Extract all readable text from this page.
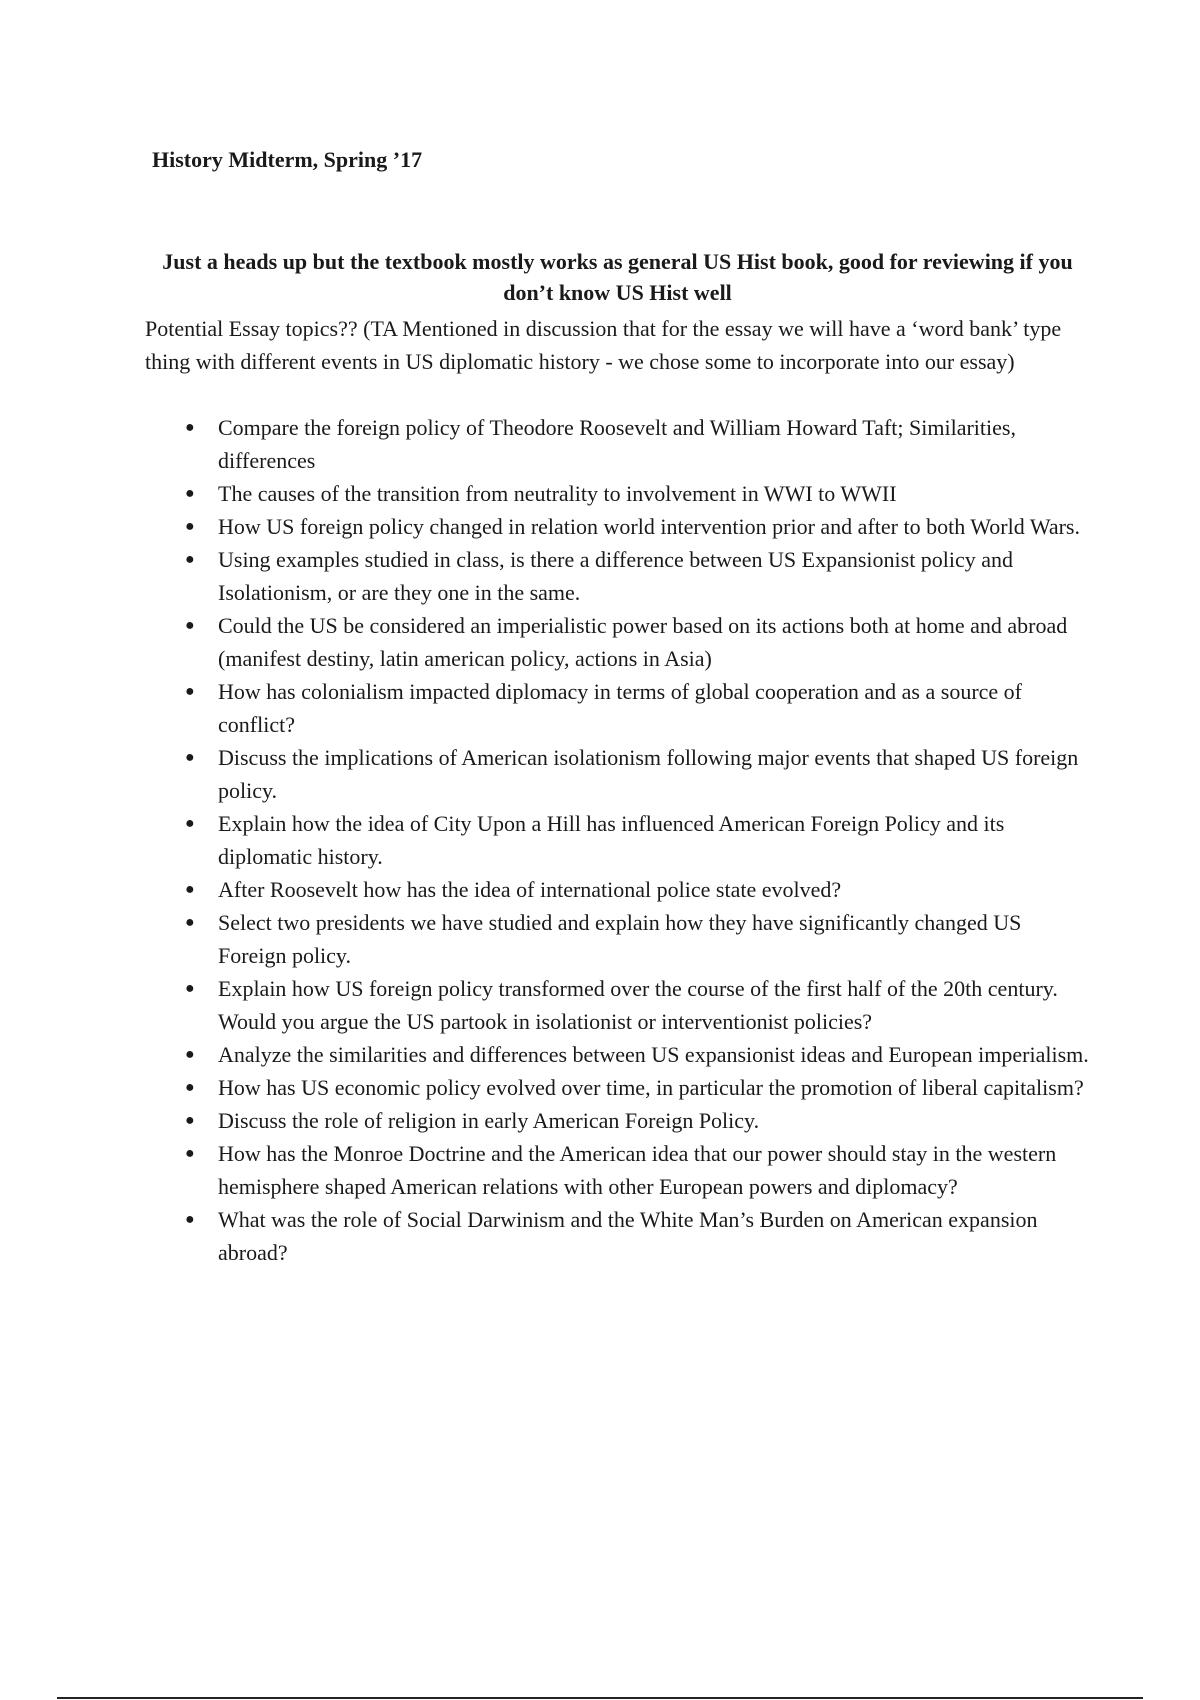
History Midterm, Spring ’17

Just a heads up but the textbook mostly works as general US Hist book, good for reviewing if you don’t know US Hist well

Potential Essay topics?? (TA Mentioned in discussion that for the essay we will have a ‘word bank’ type thing with different events in US diplomatic history - we chose some to incorporate into our essay)

● Compare the foreign policy of Theodore Roosevelt and William Howard Taft; Similarities, differences
● The causes of the transition from neutrality to involvement in WWI to WWII
● How US foreign policy changed in relation world intervention prior and after to both World Wars.
● Using examples studied in class, is there a difference between US Expansionist policy and Isolationism, or are they one in the same.
● Could the US be considered an imperialistic power based on its actions both at home and abroad (manifest destiny, latin american policy, actions in Asia)
● How has colonialism impacted diplomacy in terms of global cooperation and as a source of conflict?
● Discuss the implications of American isolationism following major events that shaped US foreign policy.
● Explain how the idea of City Upon a Hill has influenced American Foreign Policy and its diplomatic history.
● After Roosevelt how has the idea of international police state evolved?
● Select two presidents we have studied and explain how they have significantly changed US Foreign policy.
● Explain how US foreign policy transformed over the course of the first half of the 20th century. Would you argue the US partook in isolationist or interventionist policies?
● Analyze the similarities and differences between US expansionist ideas and European imperialism.
● How has US economic policy evolved over time, in particular the promotion of liberal capitalism?
● Discuss the role of religion in early American Foreign Policy.
● How has the Monroe Doctrine and the American idea that our power should stay in the western hemisphere shaped American relations with other European powers and diplomacy?
● What was the role of Social Darwinism and the White Man’s Burden on American expansion abroad?
